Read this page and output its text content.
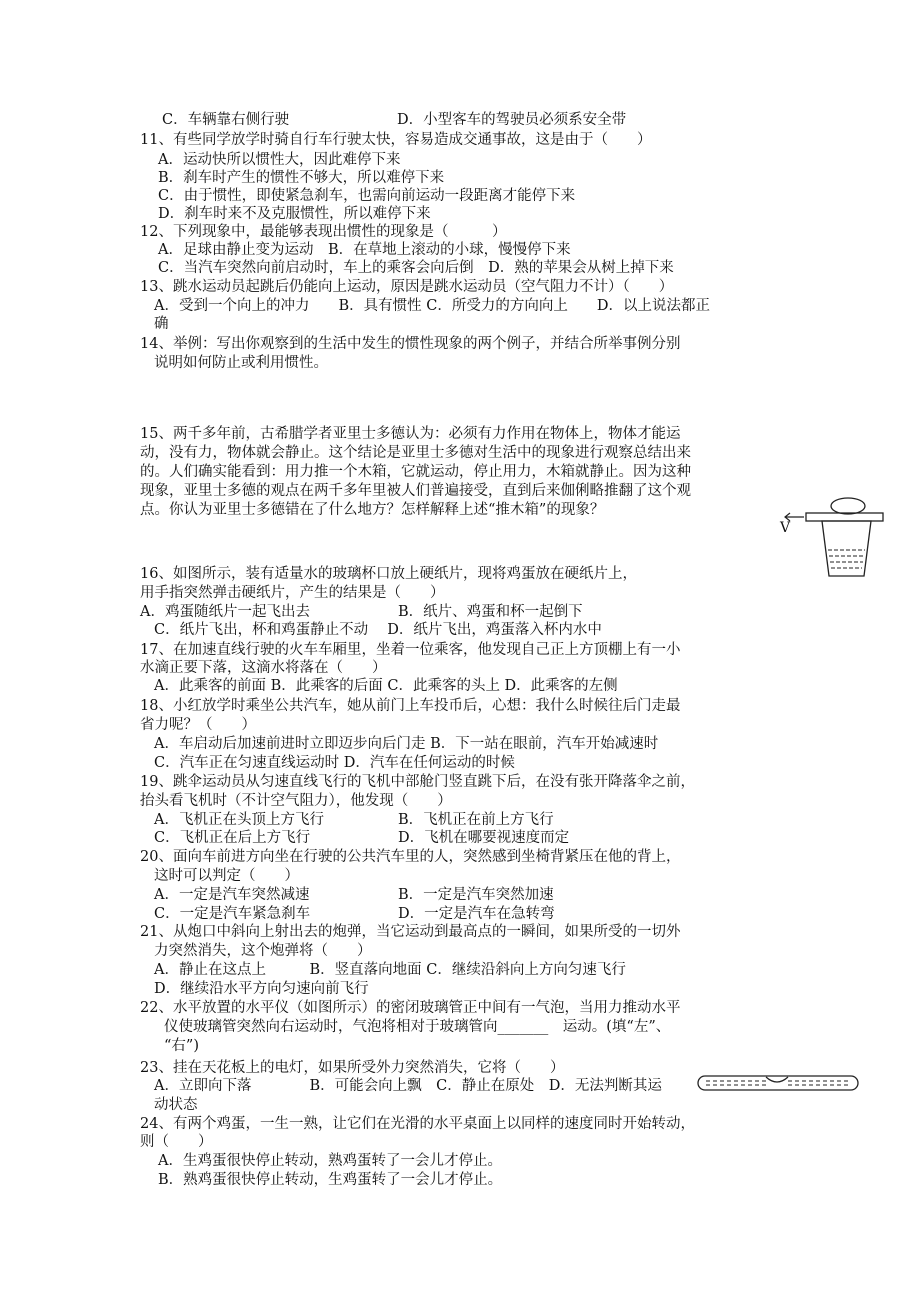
C．车辆靠右侧行驶	D．小型客车的驾驶员必须系安全带
11、有些同学放学时骑自行车行驶太快，容易造成交通事故，这是由于（　　）
A．运动快所以惯性大，因此难停下来
B．刹车时产生的惯性不够大，所以难停下来
C．由于惯性，即使紧急刹车，也需向前运动一段距离才能停下来
D．刹车时来不及克服惯性，所以难停下来
12、下列现象中，最能够表现出惯性的现象是（　　　）
A．足球由静止变为运动　B．在草地上滚动的小球，慢慢停下来
C．当汽车突然向前启动时，车上的乘客会向后倒　D．熟的苹果会从树上掉下来
13、跳水运动员起跳后仍能向上运动，原因是跳水运动员（空气阻力不计）（　　）
A．受到一个向上的冲力　　B．具有惯性 C．所受力的方向向上　　D．以上说法都正
确
14、举例：写出你观察到的生活中发生的惯性现象的两个例子，并结合所举事例分别
说明如何防止或利用惯性。
15、两千多年前，古希腊学者亚里士多德认为：必须有力作用在物体上，物体才能运
动，没有力，物体就会静止。这个结论是亚里士多德对生活中的现象进行观察总结出来
的。人们确实能看到：用力推一个木箱，它就运动，停止用力，木箱就静止。因为这种
现象，亚里士多德的观点在两千多年里被人们普遍接受，直到后来伽俐略推翻了这个观
点。你认为亚里士多德错在了什么地方？怎样解释上述“推木箱”的现象？
V
16、如图所示，装有适量水的玻璃杯口放上硬纸片，现将鸡蛋放在硬纸片上，
用手指突然弹击硬纸片，产生的结果是（　　）
A．鸡蛋随纸片一起飞出去	B．纸片、鸡蛋和杯一起倒下
C．纸片飞出，杯和鸡蛋静止不动　 D．纸片飞出，鸡蛋落入杯内水中
17、在加速直线行驶的火车车厢里，坐着一位乘客，他发现自己正上方顶棚上有一小
水滴正要下落，这滴水将落在（　　）
A．此乘客的前面 B．此乘客的后面 C．此乘客的头上 D．此乘客的左侧
18、小红放学时乘坐公共汽车，她从前门上车投币后，心想：我什么时候往后门走最
省力呢？（　　）
A．车启动后加速前进时立即迈步向后门走 B．下一站在眼前，汽车开始减速时
C．汽车正在匀速直线运动时 D．汽车在任何运动的时候
19、跳伞运动员从匀速直线飞行的飞机中部舱门竖直跳下后，在没有张开降落伞之前，
抬头看飞机时（不计空气阻力），他发现（　　）
A．飞机正在头顶上方飞行	B．飞机正在前上方飞行
C．飞机正在后上方飞行	D．飞机在哪要视速度而定
20、面向车前进方向坐在行驶的公共汽车里的人，突然感到坐椅背紧压在他的背上，
这时可以判定（　　）
A．一定是汽车突然减速	B．一定是汽车突然加速
C．一定是汽车紧急刹车	D．一定是汽车在急转弯
21、从炮口中斜向上射出去的炮弹，当它运动到最高点的一瞬间，如果所受的一切外
力突然消失，这个炮弹将（　　）
A．静止在这点上　　　B．竖直落向地面 C．继续沿斜向上方向匀速飞行
D．继续沿水平方向匀速向前飞行
22、水平放置的水平仪（如图所示）的密闭玻璃管正中间有一气泡，当用力推动水平
仪使玻璃管突然向右运动时，气泡将相对于玻璃管向_______　运动。(填“左”、
“右”)
23、挂在天花板上的电灯，如果所受外力突然消失，它将（　　）
A．立即向下落　　　　B．可能会向上飘　C．静止在原处　D．无法判断其运
动状态
24、有两个鸡蛋，一生一熟，让它们在光滑的水平桌面上以同样的速度同时开始转动，
则（　　）
A．生鸡蛋很快停止转动，熟鸡蛋转了一会儿才停止。
B．熟鸡蛋很快停止转动，生鸡蛋转了一会儿才停止。
